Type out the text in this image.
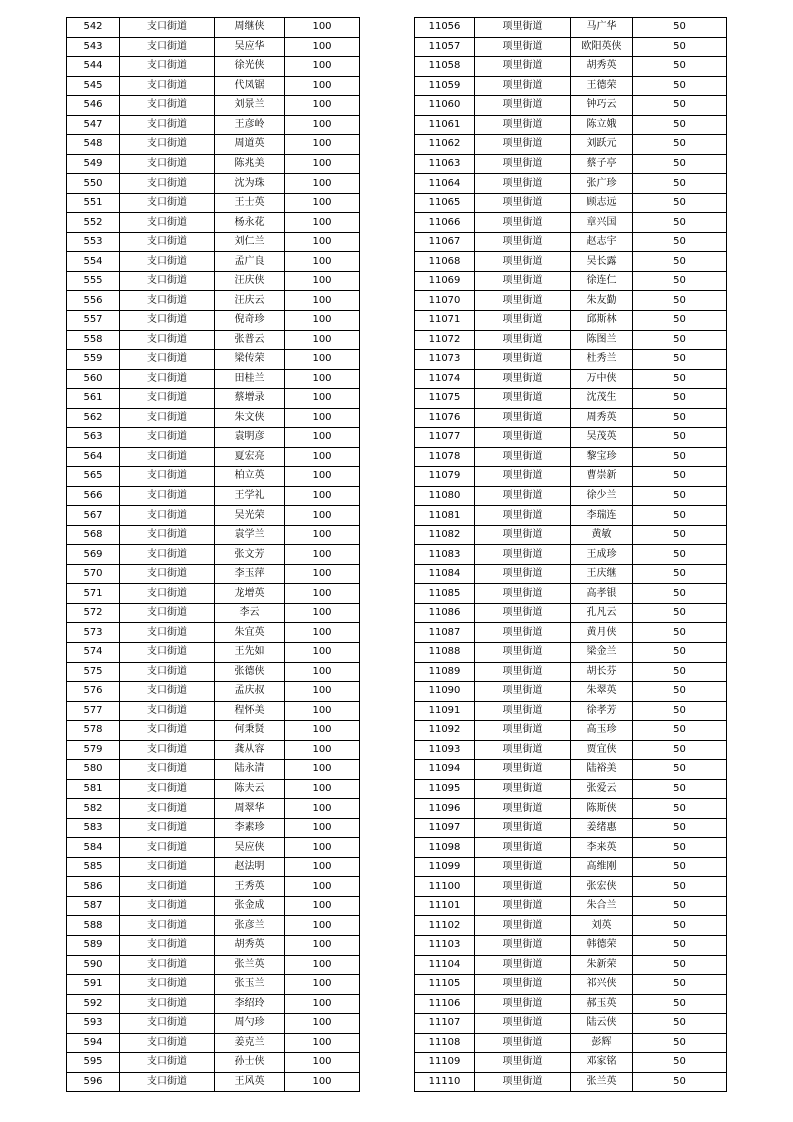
542	支口街道	周继侠	100
543	支口街道	吴应华	100
544	支口街道	徐光侠	100
545	支口街道	代凤锯	100
546	支口街道	刘景兰	100
547	支口街道	王彦岭	100
548	支口街道	周道英	100
549	支口街道	陈兆美	100
550	支口街道	沈为珠	100
551	支口街道	王士英	100
552	支口街道	杨永花	100
553	支口街道	刘仁兰	100
554	支口街道	孟广良	100
555	支口街道	汪庆侠	100
556	支口街道	汪庆云	100
557	支口街道	倪奇珍	100
558	支口街道	张普云	100
559	支口街道	梁传荣	100
560	支口街道	田桂兰	100
561	支口街道	蔡增录	100
562	支口街道	朱文侠	100
563	支口街道	袁明彦	100
564	支口街道	夏宏亮	100
565	支口街道	柏立英	100
566	支口街道	王学礼	100
567	支口街道	吴光荣	100
568	支口街道	袁学兰	100
569	支口街道	张文芳	100
570	支口街道	李玉萍	100
571	支口街道	龙增英	100
572	支口街道	李云	100
573	支口街道	朱宜英	100
574	支口街道	王先如	100
575	支口街道	张德侠	100
576	支口街道	孟庆叔	100
577	支口街道	程怀美	100
578	支口街道	何秉贤	100
579	支口街道	龚从容	100
580	支口街道	陆永清	100
581	支口街道	陈夫云	100
582	支口街道	周翠华	100
583	支口街道	李素珍	100
584	支口街道	吴应侠	100
585	支口街道	赵法明	100
586	支口街道	王秀英	100
587	支口街道	张金成	100
588	支口街道	张彦兰	100
589	支口街道	胡秀英	100
590	支口街道	张兰英	100
591	支口街道	张玉兰	100
592	支口街道	李绍玲	100
593	支口街道	周勺珍	100
594	支口街道	姜克兰	100
595	支口街道	孙士侠	100
596	支口街道	王风英	100
11056	项里街道	马广华	50
11057	项里街道	欧阳英侠	50
11058	项里街道	胡秀英	50
11059	项里街道	王德荣	50
11060	项里街道	钟巧云	50
11061	项里街道	陈立娥	50
11062	项里街道	刘跃元	50
11063	项里街道	蔡子亭	50
11064	项里街道	张广珍	50
11065	项里街道	顾志远	50
11066	项里街道	章兴国	50
11067	项里街道	赵志宇	50
11068	项里街道	吴长露	50
11069	项里街道	徐连仁	50
11070	项里街道	朱友勤	50
11071	项里街道	邱斯林	50
11072	项里街道	陈图兰	50
11073	项里街道	杜秀兰	50
11074	项里街道	万中侠	50
11075	项里街道	沈茂生	50
11076	项里街道	周秀英	50
11077	项里街道	吴茂英	50
11078	项里街道	黎宝珍	50
11079	项里街道	曹崇新	50
11080	项里街道	徐少兰	50
11081	项里街道	李瑞连	50
11082	项里街道	黄敏	50
11083	项里街道	王成珍	50
11084	项里街道	王庆继	50
11085	项里街道	高孝银	50
11086	项里街道	孔凡云	50
11087	项里街道	黄月侠	50
11088	项里街道	梁金兰	50
11089	项里街道	胡长芬	50
11090	项里街道	朱翠英	50
11091	项里街道	徐孝芳	50
11092	项里街道	高玉珍	50
11093	项里街道	贾宜侠	50
11094	项里街道	陆裕美	50
11095	项里街道	张爱云	50
11096	项里街道	陈斯侠	50
11097	项里街道	姜绪惠	50
11098	项里街道	李来英	50
11099	项里街道	高维刚	50
11100	项里街道	张宏侠	50
11101	项里街道	朱合兰	50
11102	项里街道	刘英	50
11103	项里街道	韩德荣	50
11104	项里街道	朱新荣	50
11105	项里街道	祁兴侠	50
11106	项里街道	郝玉英	50
11107	项里街道	陆云侠	50
11108	项里街道	彭辉	50
11109	项里街道	邓家铭	50
11110	项里街道	张兰英	50
